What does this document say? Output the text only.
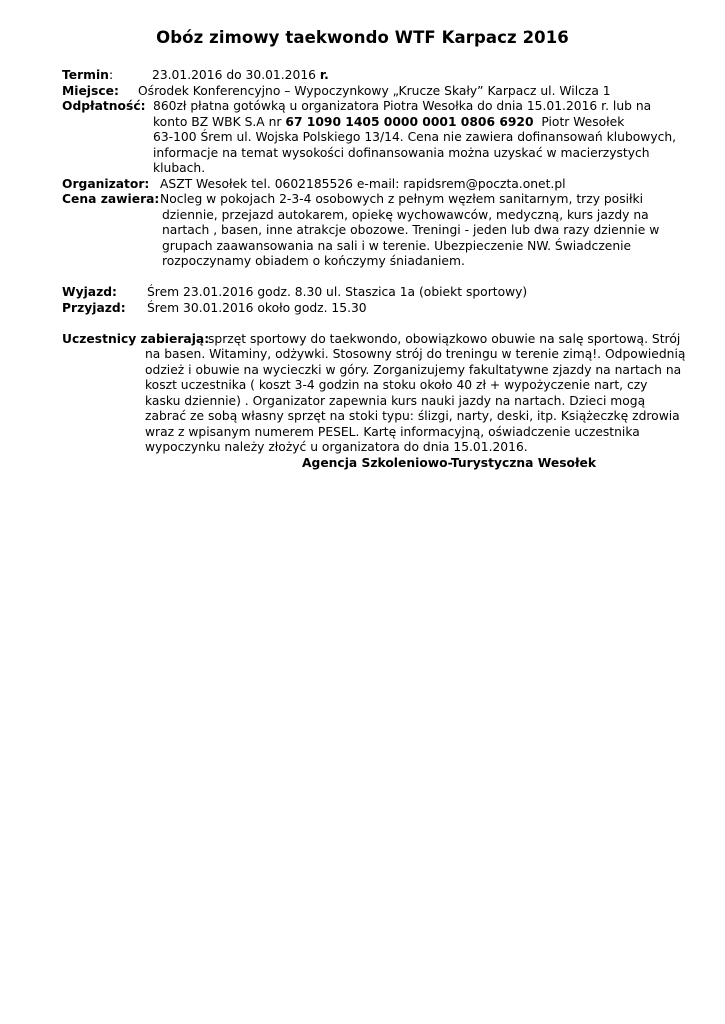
Obóz zimowy taekwondo WTF Karpacz 2016
Termin:	23.01.2016 do 30.01.2016 r.
Miejsce: Ośrodek Konferencyjno – Wypoczynkowy „Krucze Skały” Karpacz ul. Wilcza 1
Odpłatność: 860zł płatna gotówką u organizatora Piotra Wesołka do dnia 15.01.2016 r. lub na
konto BZ WBK S.A nr 67 1090 1405 0000 0001 0806 6920 Piotr Wesołek
63-100 Śrem ul. Wojska Polskiego 13/14. Cena nie zawiera dofinansowań klubowych,
informacje na temat wysokości dofinansowania można uzyskać w macierzystych
klubach.
Organizator: ASZT Wesołek tel. 0602185526 e-mail: rapidsrem@poczta.onet.pl
Cena zawiera: Nocleg w pokojach 2-3-4 osobowych z pełnym węzłem sanitarnym, trzy posiłki
dziennie, przejazd autokarem, opiekę wychowawców, medyczną, kurs jazdy na
nartach , basen, inne atrakcje obozowe. Treningi - jeden lub dwa razy dziennie w
grupach zaawansowania na sali i w terenie. Ubezpieczenie NW. Świadczenie
rozpoczynamy obiadem o kończymy śniadaniem.
Wyjazd: Śrem 23.01.2016 godz. 8.30 ul. Staszica 1a (obiekt sportowy)
Przyjazd: Śrem 30.01.2016 około godz. 15.30
Uczestnicy zabierają:
sprzęt sportowy do taekwondo, obowiązkowo obuwie na salę sportową. Strój
na basen. Witaminy, odżywki. Stosowny strój do treningu w terenie zimą!. Odpowiednią
odzież i obuwie na wycieczki w góry. Zorganizujemy fakultatywne zjazdy na nartach na
koszt uczestnika ( koszt 3-4 godzin na stoku około 40 zł + wypożyczenie nart, czy
kasku dziennie) . Organizator zapewnia kurs nauki jazdy na nartach. Dzieci mogą
zabrać ze sobą własny sprzęt na stoki typu: ślizgi, narty, deski, itp. Książeczkę zdrowia
wraz z wpisanym numerem PESEL. Kartę informacyjną, oświadczenie uczestnika
wypoczynku należy złożyć u organizatora do dnia 15.01.2016.
Agencja Szkoleniowo-Turystyczna Wesołek
